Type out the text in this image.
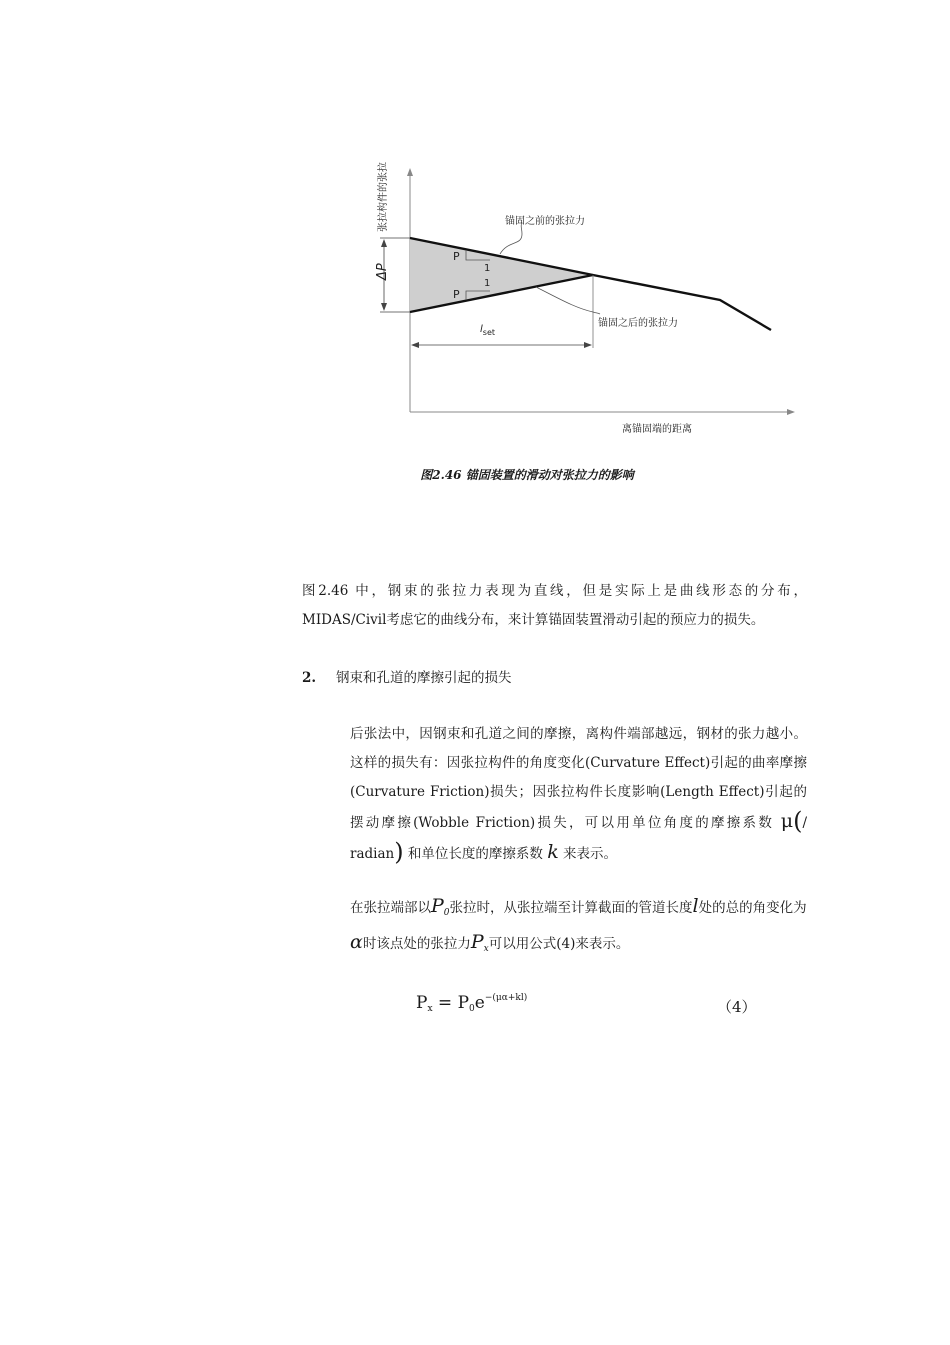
ΔP
P
1
P
1
$l_{set}$
锚固之前的张拉力
锚固之后的张拉力
张拉构件的张拉
离锚固端的距离
图2.46 锚固装置的滑动对张拉力的影响

图2.46 中，钢束的张拉力表现为直线，但是实际上是曲线形态的分布，MIDAS/Civil考虑它的曲线分布，来计算锚固装置滑动引起的预应力的损失。

2. 钢束和孔道的摩擦引起的损失

后张法中，因钢束和孔道之间的摩擦，离构件端部越远，钢材的张力越小。这样的损失有：因张拉构件的角度变化(Curvature Effect)引起的曲率摩擦(Curvature Friction)损失；因张拉构件长度影响(Length Effect)引起的摆动摩擦(Wobble Friction)损失，可以用单位角度的摩擦系数 μ(/ radian) 和单位长度的摩擦系数 k 来表示。

在张拉端部以$P_0$张拉时，从张拉端至计算截面的管道长度l处的总的角变化为α时该点处的张拉力$P_x$可以用公式(4)来表示。

$P_x = P_0e^{-(\mu\alpha+kl)}$	（4）
